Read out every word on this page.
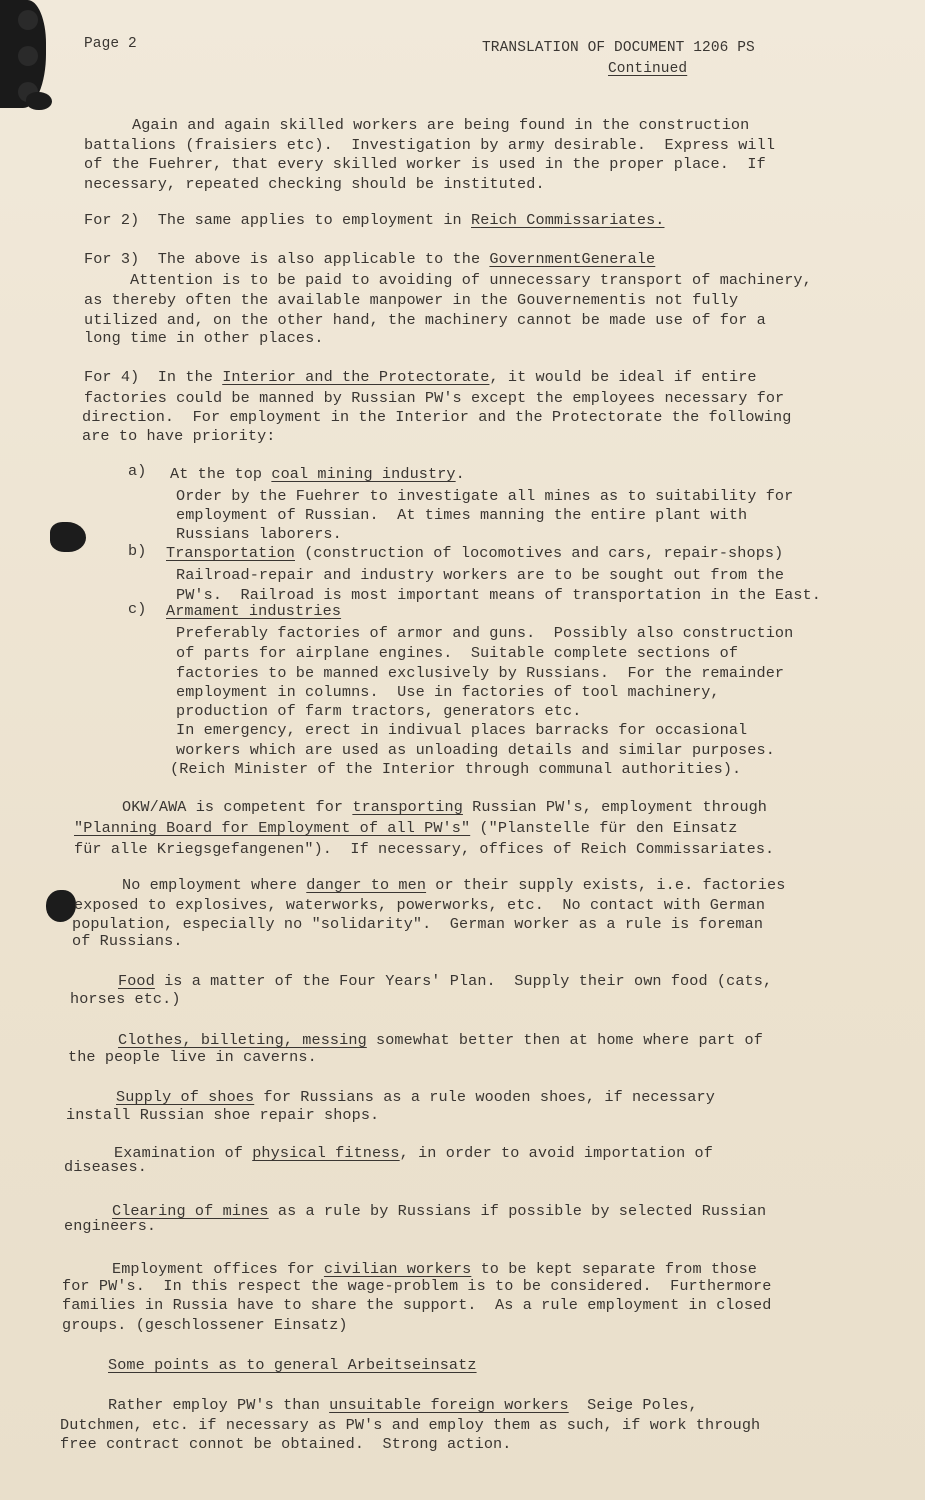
Page 2	TRANSLATION OF DOCUMENT 1206 PS
Continued
Again and again skilled workers are being found in the construction
battalions (fraisiers etc).  Investigation by army desirable.  Express will
of the Fuehrer, that every skilled worker is used in the proper place.  If
necessary, repeated checking should be instituted.
For 2)  The same applies to employment in Reich Commissariates.
For 3)  The above is also applicable to the GovernmentGenerale
Attention is to be paid to avoiding of unnecessary transport of machinery,
as thereby often the available manpower in the Gouvernementis not fully
utilized and, on the other hand, the machinery cannot be made use of for a
long time in other places.
For 4)  In the Interior and the Protectorate, it would be ideal if entire
factories could be manned by Russian PW's except the employees necessary for
direction.  For employment in the Interior and the Protectorate the following
are to have priority:
a) At the top coal mining industry.
Order by the Fuehrer to investigate all mines as to suitability for
employment of Russian.  At times manning the entire plant with
Russians laborers.
b) Transportation (construction of locomotives and cars, repair-shops)
Railroad-repair and industry workers are to be sought out from the
PW's.  Railroad is most important means of transportation in the East.
c) Armament industries
Preferably factories of armor and guns.  Possibly also construction
of parts for airplane engines.  Suitable complete sections of
factories to be manned exclusively by Russians.  For the remainder
employment in columns.  Use in factories of tool machinery,
production of farm tractors, generators etc.
In emergency, erect in indivual places barracks for occasional
workers which are used as unloading details and similar purposes.
(Reich Minister of the Interior through communal authorities).
OKW/AWA is competent for transporting Russian PW's, employment through
"Planning Board for Employment of all PW's" ("Planstelle für den Einsatz
für alle Kriegsgefangenen").  If necessary, offices of Reich Commissariates.
No employment where danger to men or their supply exists, i.e. factories
exposed to explosives, waterworks, powerworks, etc.  No contact with German
population, especially no "solidarity".  German worker as a rule is foreman
of Russians.
Food is a matter of the Four Years' Plan.  Supply their own food (cats,
horses etc.)
Clothes, billeting, messing somewhat better then at home where part of
the people live in caverns.
Supply of shoes for Russians as a rule wooden shoes, if necessary
install Russian shoe repair shops.
Examination of physical fitness, in order to avoid importation of
diseases.
Clearing of mines as a rule by Russians if possible by selected Russian
engineers.
Employment offices for civilian workers to be kept separate from those
for PW's.  In this respect the wage-problem is to be considered.  Furthermore
families in Russia have to share the support.  As a rule employment in closed
groups. (geschlossener Einsatz)
Some points as to general Arbeitseinsatz
Rather employ PW's than unsuitable foreign workers  Seige Poles,
Dutchmen, etc. if necessary as PW's and employ them as such, if work through
free contract connot be obtained.  Strong action.
